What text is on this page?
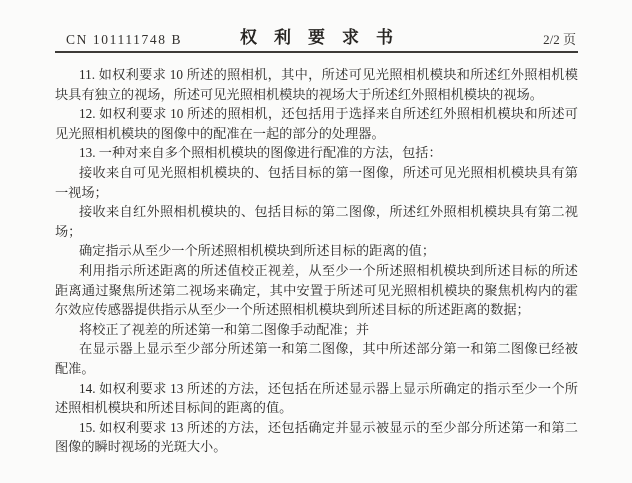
CN 101111748 B	权　利　要　求　书	2/2 页
11. 如权利要求 10 所述的照相机，其中，所述可见光照相机模块和所述红外照相机模
块具有独立的视场，所述可见光照相机模块的视场大于所述红外照相机模块的视场。
12. 如权利要求 10 所述的照相机，还包括用于选择来自所述红外照相机模块和所述可
见光照相机模块的图像中的配准在一起的部分的处理器。
13. 一种对来自多个照相机模块的图像进行配准的方法，包括：
接收来自可见光照相机模块的、包括目标的第一图像，所述可见光照相机模块具有第
一视场；
接收来自红外照相机模块的、包括目标的第二图像，所述红外照相机模块具有第二视
场；
确定指示从至少一个所述照相机模块到所述目标的距离的值；
利用指示所述距离的所述值校正视差，从至少一个所述照相机模块到所述目标的所述
距离通过聚焦所述第二视场来确定，其中安置于所述可见光照相机模块的聚焦机构内的霍
尔效应传感器提供指示从至少一个所述照相机模块到所述目标的所述距离的数据；
将校正了视差的所述第一和第二图像手动配准；并
在显示器上显示至少部分所述第一和第二图像，其中所述部分第一和第二图像已经被
配准。
14. 如权利要求 13 所述的方法，还包括在所述显示器上显示所确定的指示至少一个所
述照相机模块和所述目标间的距离的值。
15. 如权利要求 13 所述的方法，还包括确定并显示被显示的至少部分所述第一和第二
图像的瞬时视场的光斑大小。
